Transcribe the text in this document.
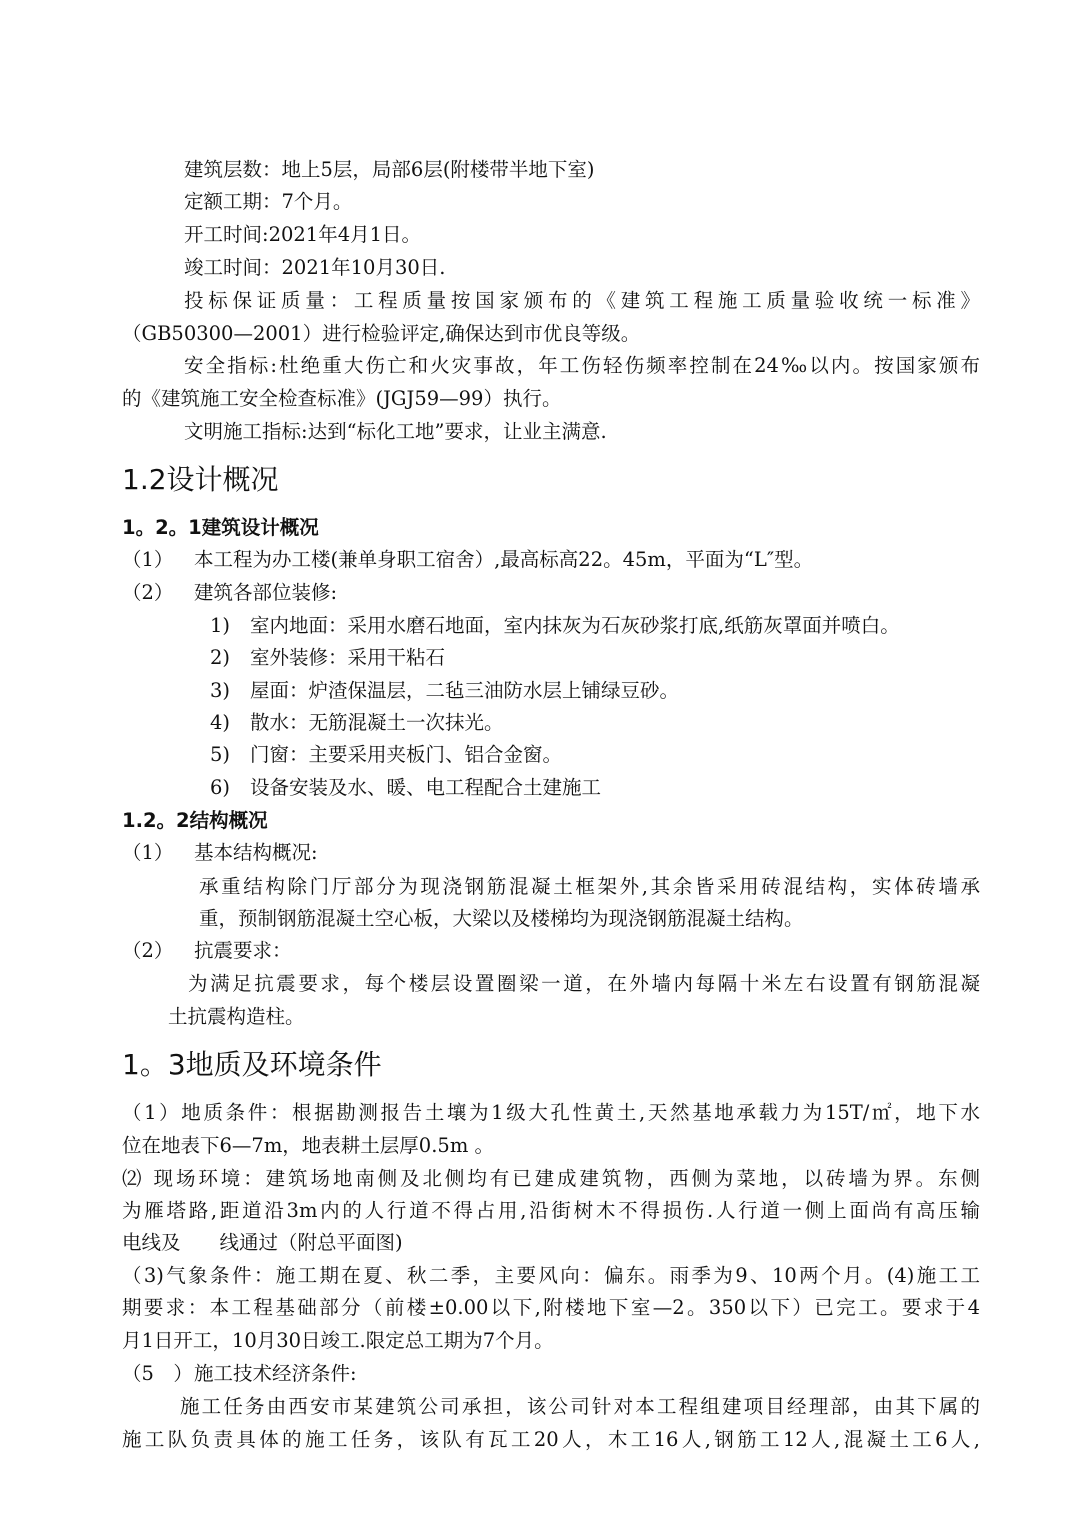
建筑层数：地上5层，局部6层(附楼带半地下室)
定额工期：7个月。
开工时间:2021年4月1日。
竣工时间：2021年10月30日.
投标保证质量：工程质量按国家颁布的《建筑工程施工质量验收统一标准》
（GB50300—2001）进行检验评定,确保达到市优良等级。
安全指标:杜绝重大伤亡和火灾事故，年工伤轻伤频率控制在24‰以内。按国家颁布
的《建筑施工安全检查标准》(JGJ59—99）执行。
文明施工指标:达到“标化工地”要求，让业主满意.
1.2设计概况
1。2。1建筑设计概况
（1） 本工程为办工楼(兼单身职工宿舍）,最高标高22。45m，平面为“L″型。
（2） 建筑各部位装修:
1) 室内地面：采用水磨石地面，室内抹灰为石灰砂浆打底,纸筋灰罩面并喷白。
2) 室外装修：采用干粘石
3) 屋面：炉渣保温层，二毡三油防水层上铺绿豆砂。
4) 散水：无筋混凝土一次抹光。
5) 门窗：主要采用夹板门、铝合金窗。
6) 设备安装及水、暖、电工程配合土建施工
1.2。2结构概况
（1） 基本结构概况:
承重结构除门厅部分为现浇钢筋混凝土框架外,其余皆采用砖混结构，实体砖墙承
重，预制钢筋混凝土空心板，大梁以及楼梯均为现浇钢筋混凝土结构。
（2） 抗震要求：
为满足抗震要求，每个楼层设置圈梁一道，在外墙内每隔十米左右设置有钢筋混凝
土抗震构造柱。
1。3地质及环境条件
（1）地质条件：根据勘测报告土壤为1级大孔性黄土,天然基地承载力为15T/㎡，地下水
位在地表下6—7m，地表耕土层厚0.5m 。
⑵ 现场环境：建筑场地南侧及北侧均有已建成建筑物，西侧为菜地，以砖墙为界。东侧
为雁塔路,距道沿3m内的人行道不得占用,沿街树木不得损伤.人行道一侧上面尚有高压输
电线及　　线通过（附总平面图)
（3)气象条件：施工期在夏、秋二季，主要风向：偏东。雨季为9、10两个月。(4)施工工
期要求：本工程基础部分（前楼±0.00以下,附楼地下室—2。350以下）已完工。要求于4
月1日开工，10月30日竣工.限定总工期为7个月。
（5　）施工技术经济条件:
施工任务由西安市某建筑公司承担，该公司针对本工程组建项目经理部，由其下属的
施工队负责具体的施工任务，该队有瓦工20人，木工16人,钢筋工12人,混凝土工6人,
